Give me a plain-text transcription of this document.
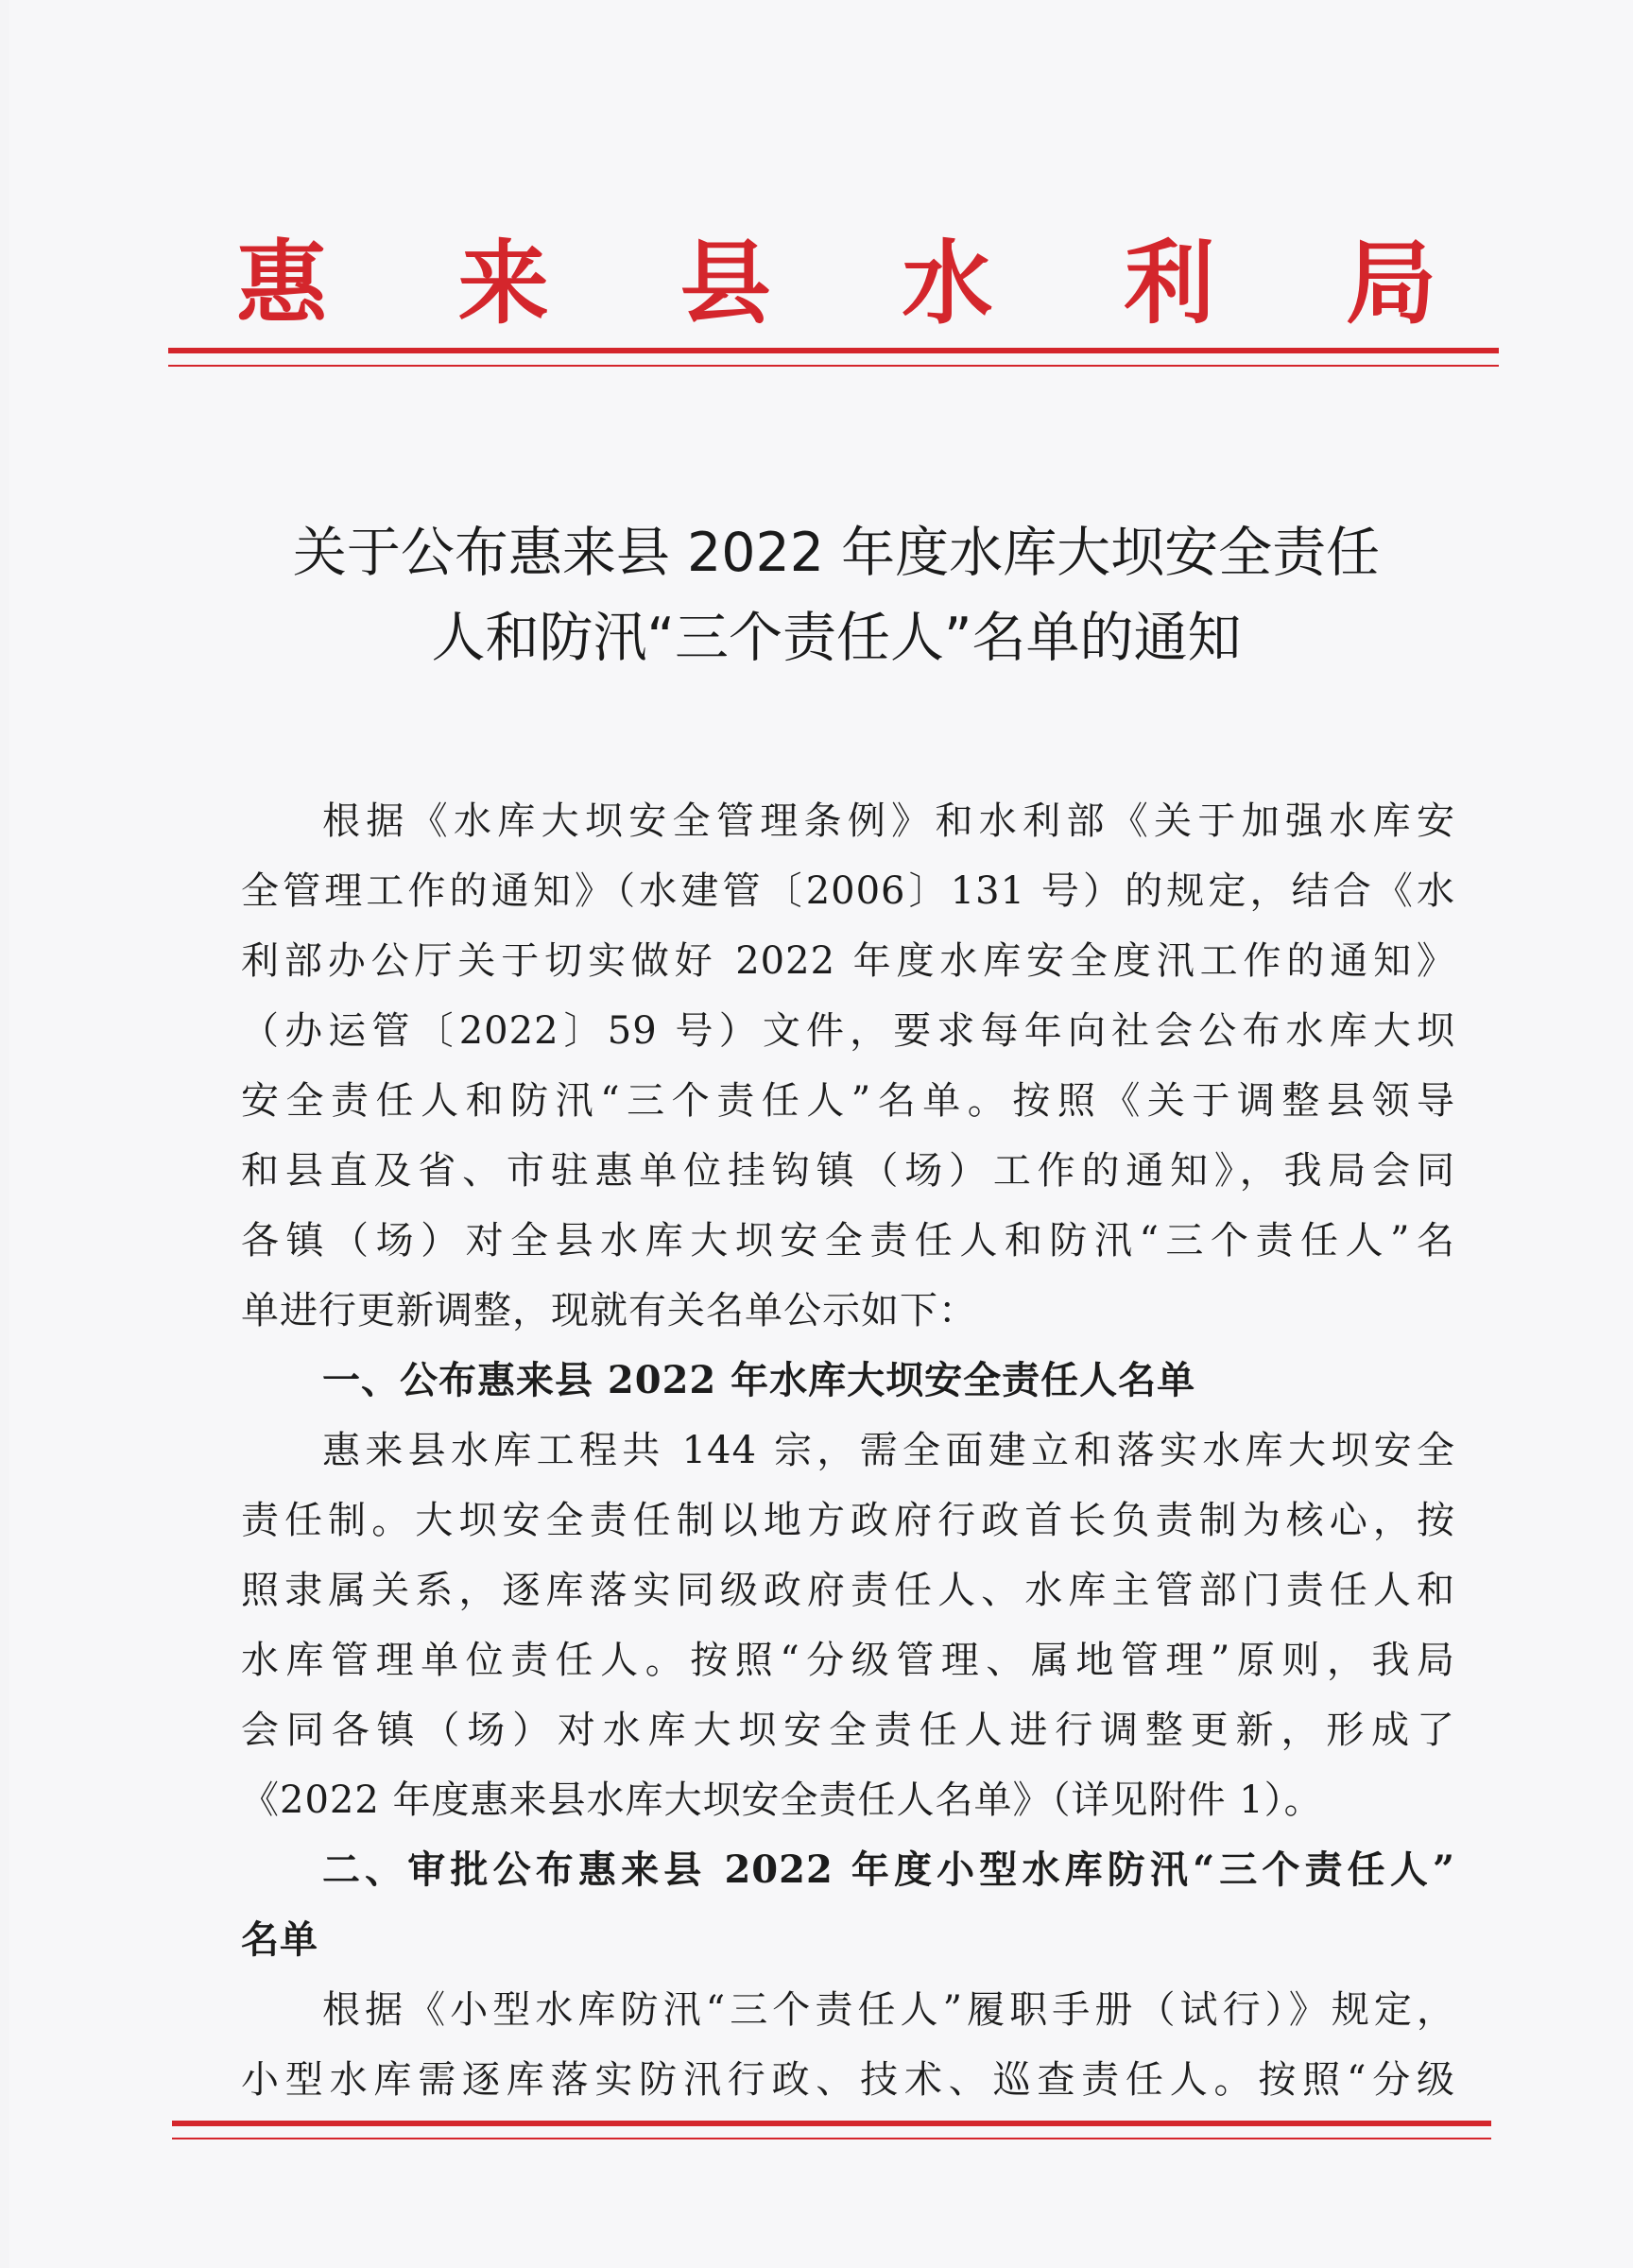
惠 来 县 水 利 局
关于公布惠来县 2022 年度水库大坝安全责任
人和防汛“三个责任人”名单的通知
根据《水库大坝安全管理条例》和水利部《关于加强水库安
全管理工作的通知》（水建管〔2006〕131 号）的规定，结合《水
利部办公厅关于切实做好 2022 年度水库安全度汛工作的通知》
（办运管〔2022〕59 号）文件，要求每年向社会公布水库大坝
安全责任人和防汛“三个责任人”名单。按照《关于调整县领导
和县直及省、市驻惠单位挂钩镇（场）工作的通知》，我局会同
各镇（场）对全县水库大坝安全责任人和防汛“三个责任人”名
单进行更新调整，现就有关名单公示如下：
一、公布惠来县 2022 年水库大坝安全责任人名单
惠来县水库工程共 144 宗，需全面建立和落实水库大坝安全
责任制。大坝安全责任制以地方政府行政首长负责制为核心，按
照隶属关系，逐库落实同级政府责任人、水库主管部门责任人和
水库管理单位责任人。按照“分级管理、属地管理”原则，我局
会同各镇（场）对水库大坝安全责任人进行调整更新，形成了
《2022 年度惠来县水库大坝安全责任人名单》（详见附件 1）。
二、审批公布惠来县 2022 年度小型水库防汛“三个责任人”
名单
根据《小型水库防汛“三个责任人”履职手册（试行）》规定，
小型水库需逐库落实防汛行政、技术、巡查责任人。按照“分级
